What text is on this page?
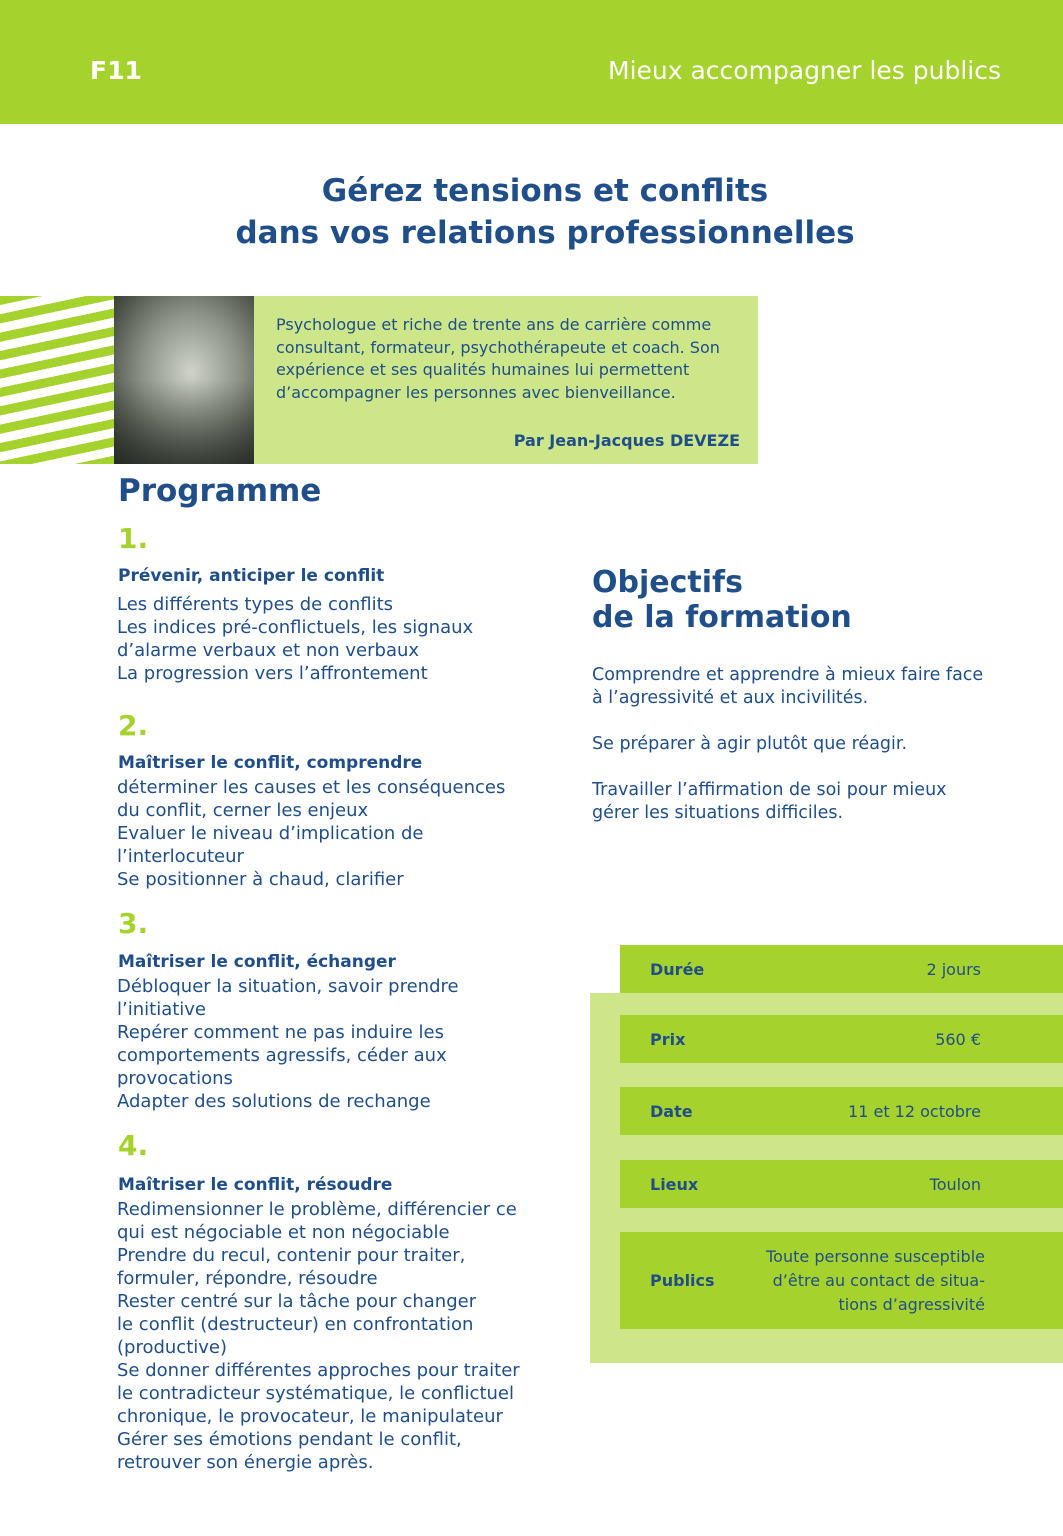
F11	Mieux accompagner les publics
Gérez tensions et conflits
dans vos relations professionnelles
Psychologue et riche de trente ans de carrière comme
consultant, formateur, psychothérapeute et coach. Son
expérience et ses qualités humaines lui permettent
d’accompagner les personnes avec bienveillance.
Par Jean-Jacques DEVEZE
Programme
1.
Prévenir, anticiper le conflit
Les différents types de conflits
Les indices pré-conflictuels, les signaux
d’alarme verbaux et non verbaux
La progression vers l’affrontement
2.
Maîtriser le conflit, comprendre
déterminer les causes et les conséquences
du conflit, cerner les enjeux
Evaluer le niveau d’implication de
l’interlocuteur
Se positionner à chaud, clarifier
3.
Maîtriser le conflit, échanger
Débloquer la situation, savoir prendre
l’initiative
Repérer comment ne pas induire les
comportements agressifs, céder aux
provocations
Adapter des solutions de rechange
4.
Maîtriser le conflit, résoudre
Redimensionner le problème, différencier ce
qui est négociable et non négociable
Prendre du recul, contenir pour traiter,
formuler, répondre, résoudre
Rester centré sur la tâche pour changer
le conflit (destructeur) en confrontation
(productive)
Se donner différentes approches pour traiter
le contradicteur systématique, le conflictuel
chronique, le provocateur, le manipulateur
Gérer ses émotions pendant le conflit,
retrouver son énergie après.
Objectifs
de la formation
Comprendre et apprendre à mieux faire face
à l’agressivité et aux incivilités.
Se préparer à agir plutôt que réagir.
Travailler l’affirmation de soi pour mieux
gérer les situations difficiles.
Durée	2 jours
Prix	560 €
Date	11 et 12 octobre
Lieux	Toulon
Publics
Toute personne susceptible
d’être au contact de situa-
tions d’agressivité
